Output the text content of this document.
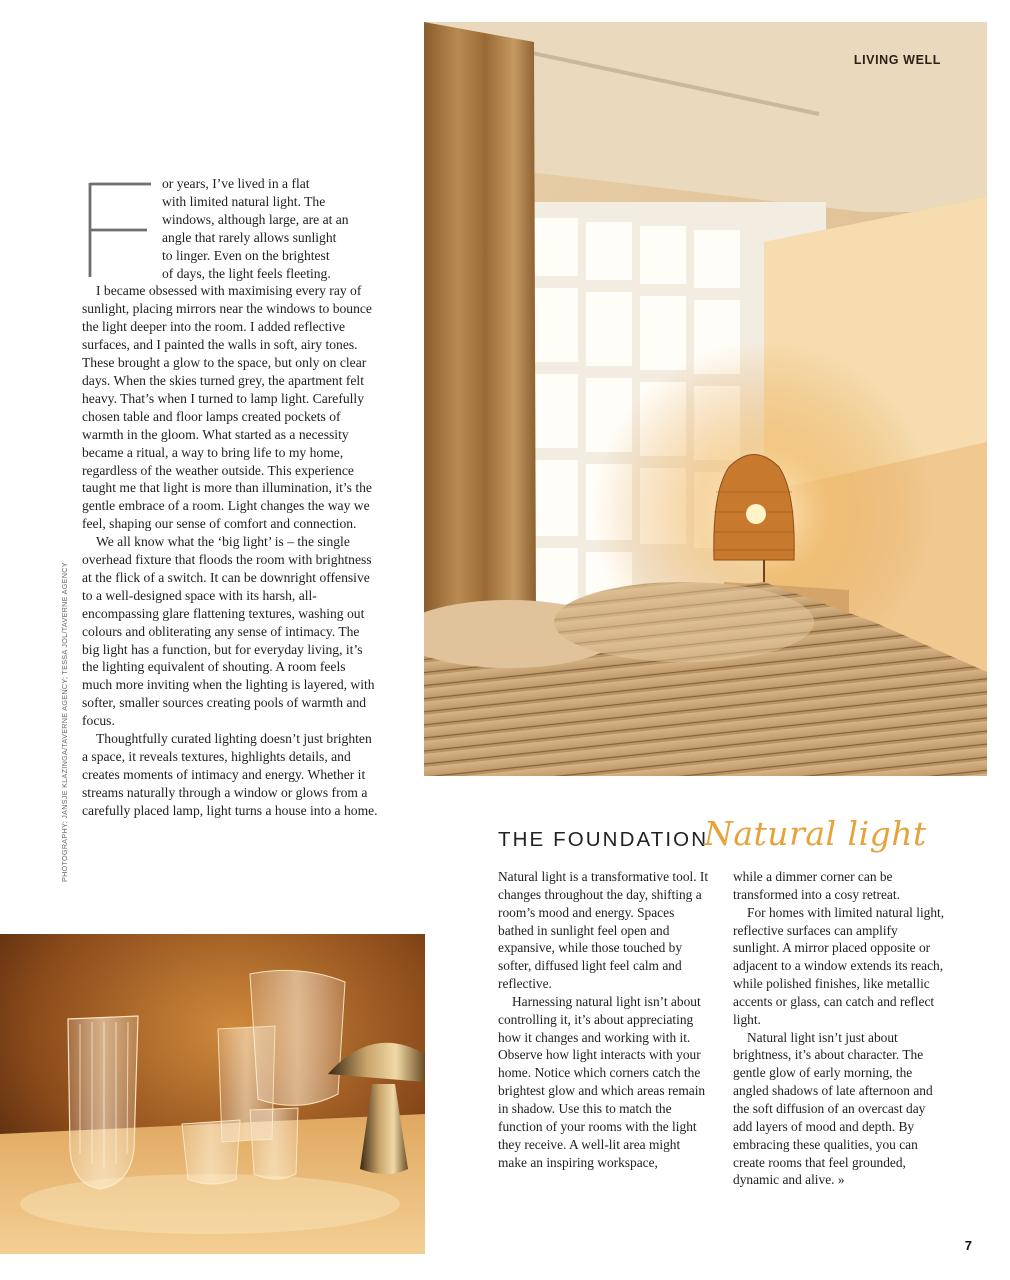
LIVING WELL
PHOTOGRAPHY: JANSJE KLAZINGA/TAVERNE AGENCY; TESSA JOL/TAVERNE AGENCY
or years, I’ve lived in a flat
with limited natural light. The
windows, although large, are at an
angle that rarely allows sunlight
to linger. Even on the brightest
of days, the light feels fleeting.

I became obsessed with maximising every ray of sunlight, placing mirrors near the windows to bounce the light deeper into the room. I added reflective surfaces, and I painted the walls in soft, airy tones. These brought a glow to the space, but only on clear days. When the skies turned grey, the apartment felt heavy. That’s when I turned to lamp light. Carefully chosen table and floor lamps created pockets of warmth in the gloom. What started as a necessity became a ritual, a way to bring life to my home, regardless of the weather outside. This experience taught me that light is more than illumination, it’s the gentle embrace of a room. Light changes the way we feel, shaping our sense of comfort and connection.

We all know what the ‘big light’ is – the single overhead fixture that floods the room with brightness at the flick of a switch. It can be downright offensive to a well-designed space with its harsh, all-encompassing glare flattening textures, washing out colours and obliterating any sense of intimacy. The big light has a function, but for everyday living, it’s the lighting equivalent of shouting. A room feels much more inviting when the lighting is layered, with softer, smaller sources creating pools of warmth and focus.

Thoughtfully curated lighting doesn’t just brighten a space, it reveals textures, highlights details, and creates moments of intimacy and energy. Whether it streams naturally through a window or glows from a carefully placed lamp, light turns a house into a home.

THE FOUNDATION
Natural light

Natural light is a transformative tool. It changes throughout the day, shifting a room’s mood and energy. Spaces bathed in sunlight feel open and expansive, while those touched by softer, diffused light feel calm and reflective.

Harnessing natural light isn’t about controlling it, it’s about appreciating how it changes and working with it. Observe how light interacts with your home. Notice which corners catch the brightest glow and which areas remain in shadow. Use this to match the function of your rooms with the light they receive. A well-lit area might make an inspiring workspace,

while a dimmer corner can be transformed into a cosy retreat.

For homes with limited natural light, reflective surfaces can amplify sunlight. A mirror placed opposite or adjacent to a window extends its reach, while polished finishes, like metallic accents or glass, can catch and reflect light.

Natural light isn’t just about brightness, it’s about character. The gentle glow of early morning, the angled shadows of late afternoon and the soft diffusion of an overcast day add layers of mood and depth. By embracing these qualities, you can create rooms that feel grounded, dynamic and alive. »

7
